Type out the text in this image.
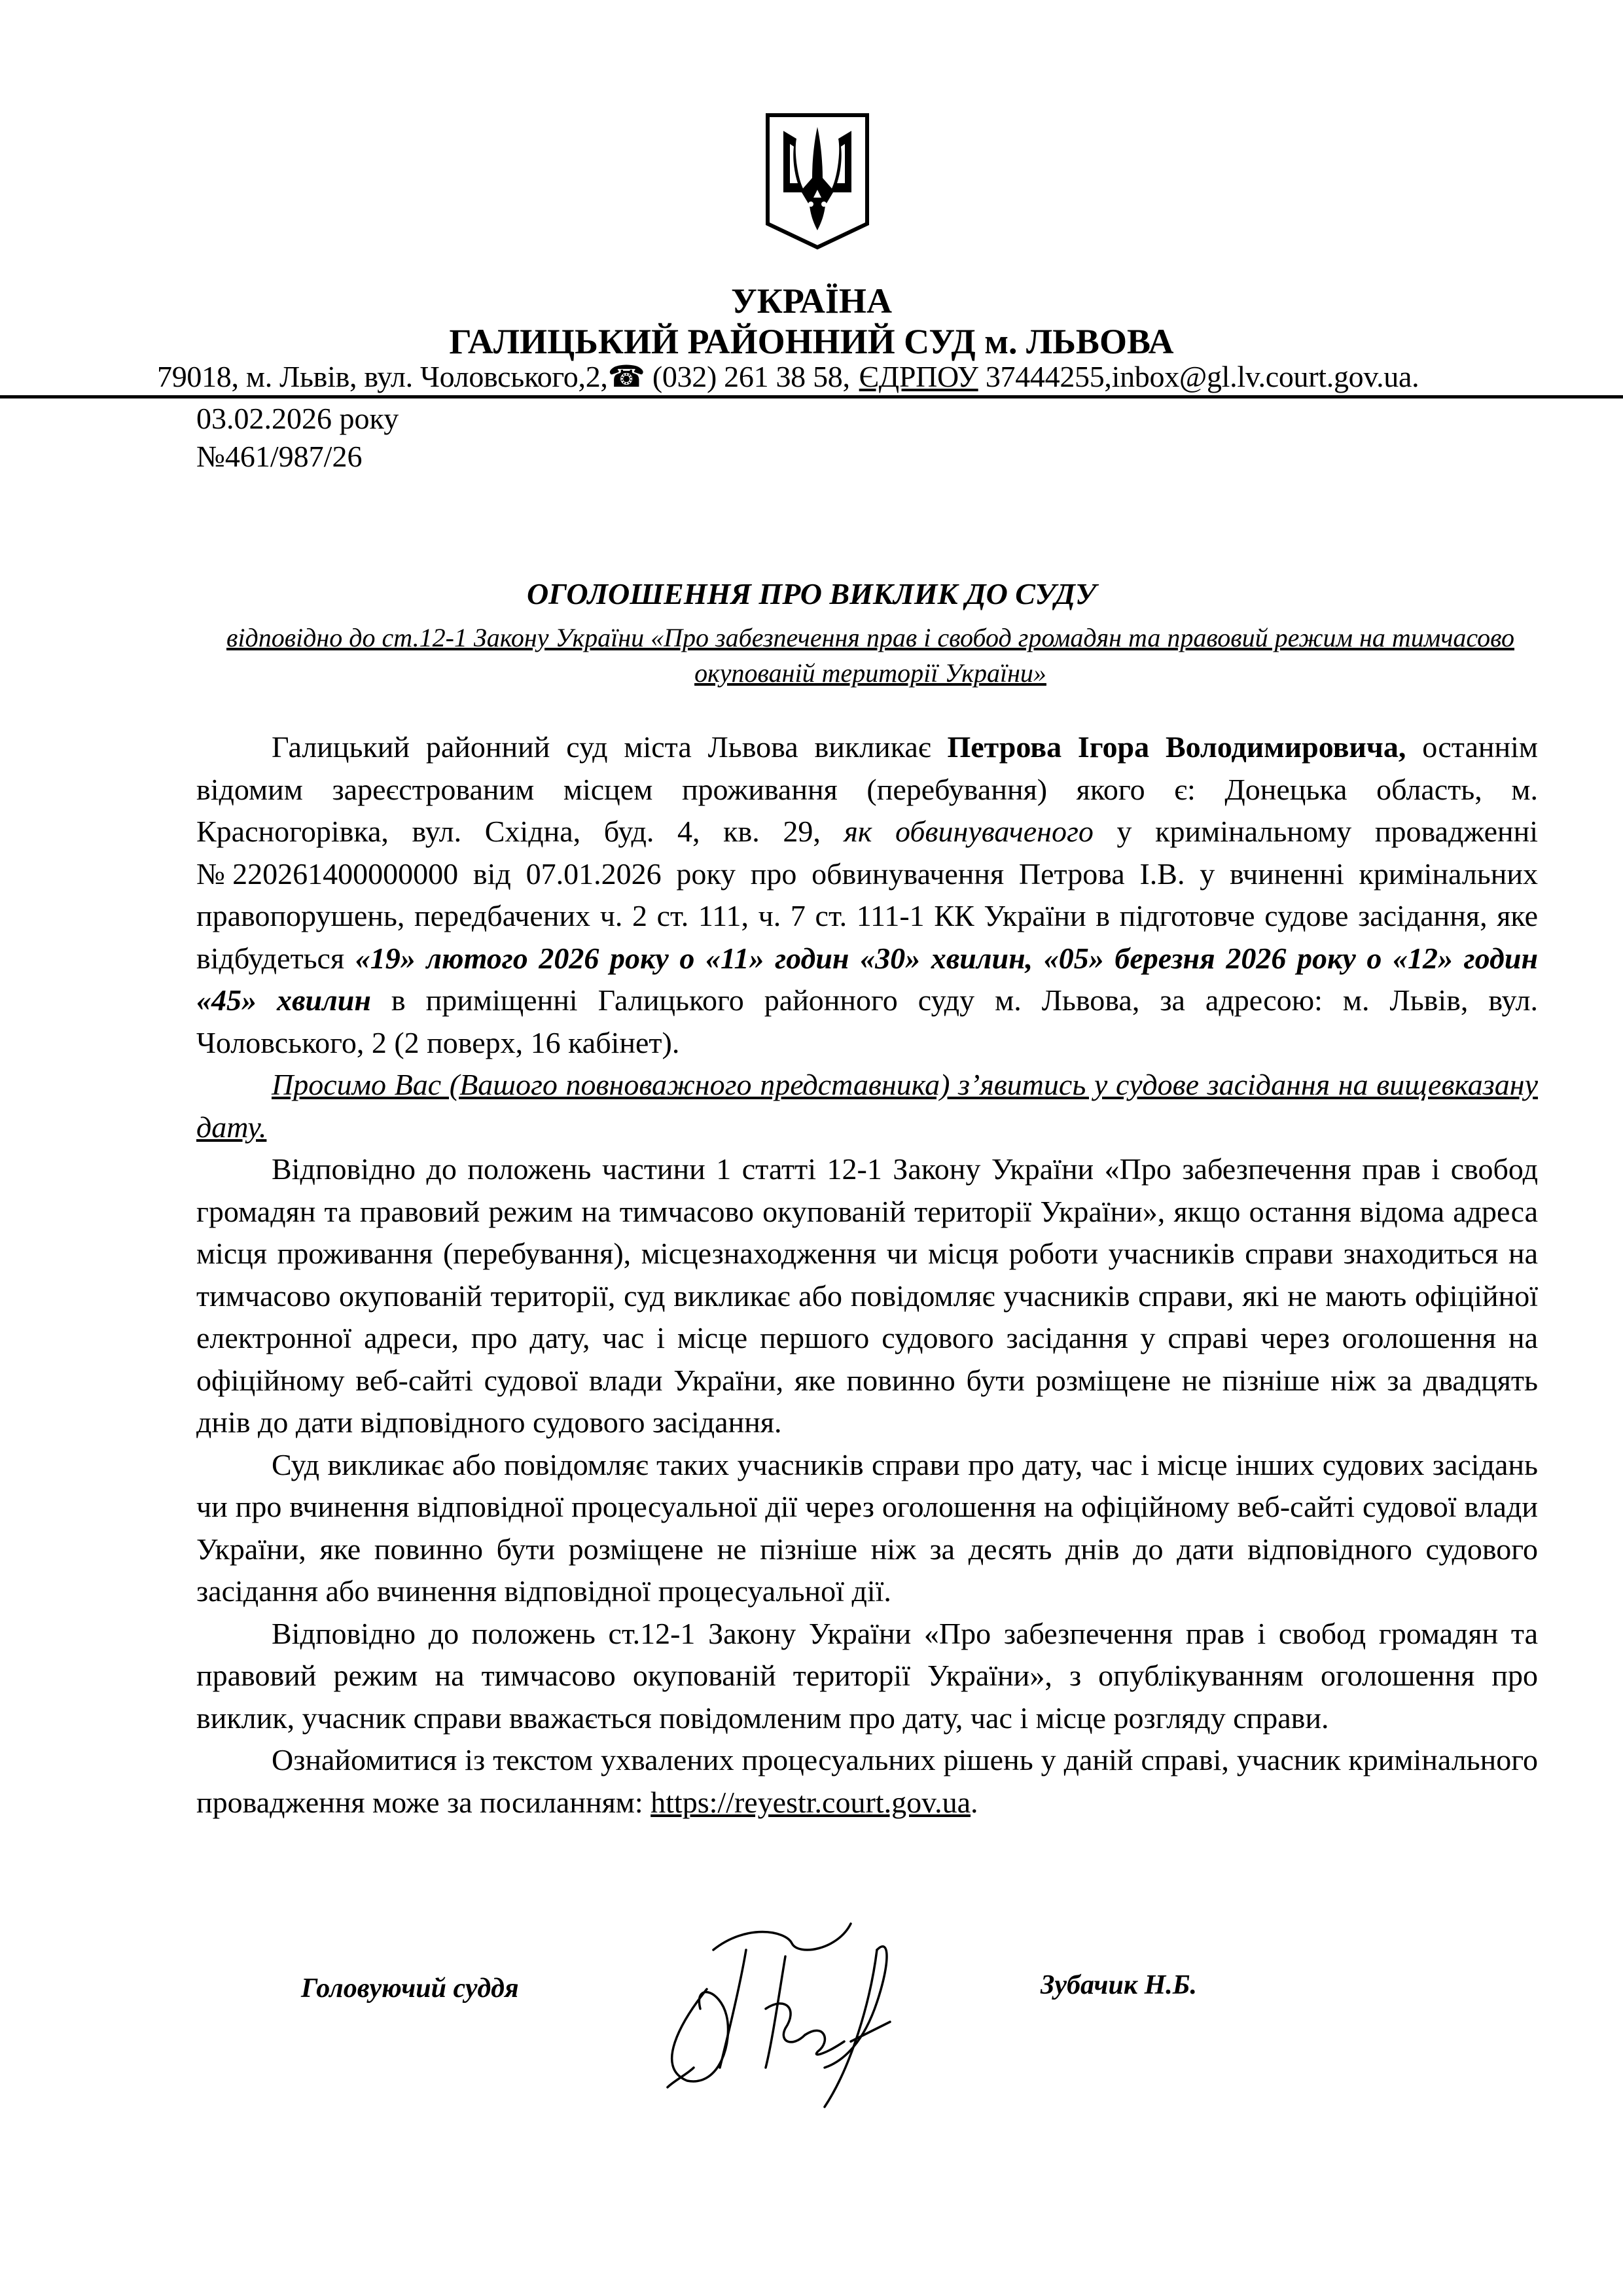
УКРАЇНА
ГАЛИЦЬКИЙ РАЙОННИЙ СУД м. ЛЬВОВА
79018, м. Львів, вул. Чоловського,2,☎ (032) 261 38 58, ЄДРПОУ 37444255,inbox@gl.lv.court.gov.ua.
03.02.2026 року
№461/987/26
ОГОЛОШЕННЯ ПРО ВИКЛИК ДО СУДУ
відповідно до ст.12-1 Закону України «Про забезпечення прав і свобод громадян та правовий режим на тимчасово окупованій території України»

Галицький районний суд міста Львова викликає Петрова Ігора Володимировича, останнім відомим зареєстрованим місцем проживання (перебування) якого є: Донецька область, м. Красногорівка, вул. Східна, буд. 4, кв. 29, як обвинуваченого у кримінальному провадженні №220261400000000 від 07.01.2026 року про обвинувачення Петрова І.В. у вчиненні кримінальних правопорушень, передбачених ч. 2 ст. 111, ч. 7 ст. 111-1 КК України в підготовче судове засідання, яке відбудеться «19» лютого 2026 року о «11» годин «30» хвилин, «05» березня 2026 року о «12» годин «45» хвилин в приміщенні Галицького районного суду м. Львова, за адресою: м. Львів, вул. Чоловського, 2 (2 поверх, 16 кабінет).

Просимо Вас (Вашого повноважного представника) з’явитись у судове засідання на вищевказану дату.

Відповідно до положень частини 1 статті 12-1 Закону України «Про забезпечення прав і свобод громадян та правовий режим на тимчасово окупованій території України», якщо остання відома адреса місця проживання (перебування), місцезнаходження чи місця роботи учасників справи знаходиться на тимчасово окупованій території, суд викликає або повідомляє учасників справи, які не мають офіційної електронної адреси, про дату, час і місце першого судового засідання у справі через оголошення на офіційному веб-сайті судової влади України, яке повинно бути розміщене не пізніше ніж за двадцять днів до дати відповідного судового засідання.

Суд викликає або повідомляє таких учасників справи про дату, час і місце інших судових засідань чи про вчинення відповідної процесуальної дії через оголошення на офіційному веб-сайті судової влади України, яке повинно бути розміщене не пізніше ніж за десять днів до дати відповідного судового засідання або вчинення відповідної процесуальної дії.

Відповідно до положень ст.12-1 Закону України «Про забезпечення прав і свобод громадян та правовий режим на тимчасово окупованій території України», з опублікуванням оголошення про виклик, учасник справи вважається повідомленим про дату, час і місце розгляду справи.

Ознайомитися із текстом ухвалених процесуальних рішень у даній справі, учасник кримінального провадження може за посиланням: https://reyestr.court.gov.ua.

Головуючий суддя	Зубачик Н.Б.
